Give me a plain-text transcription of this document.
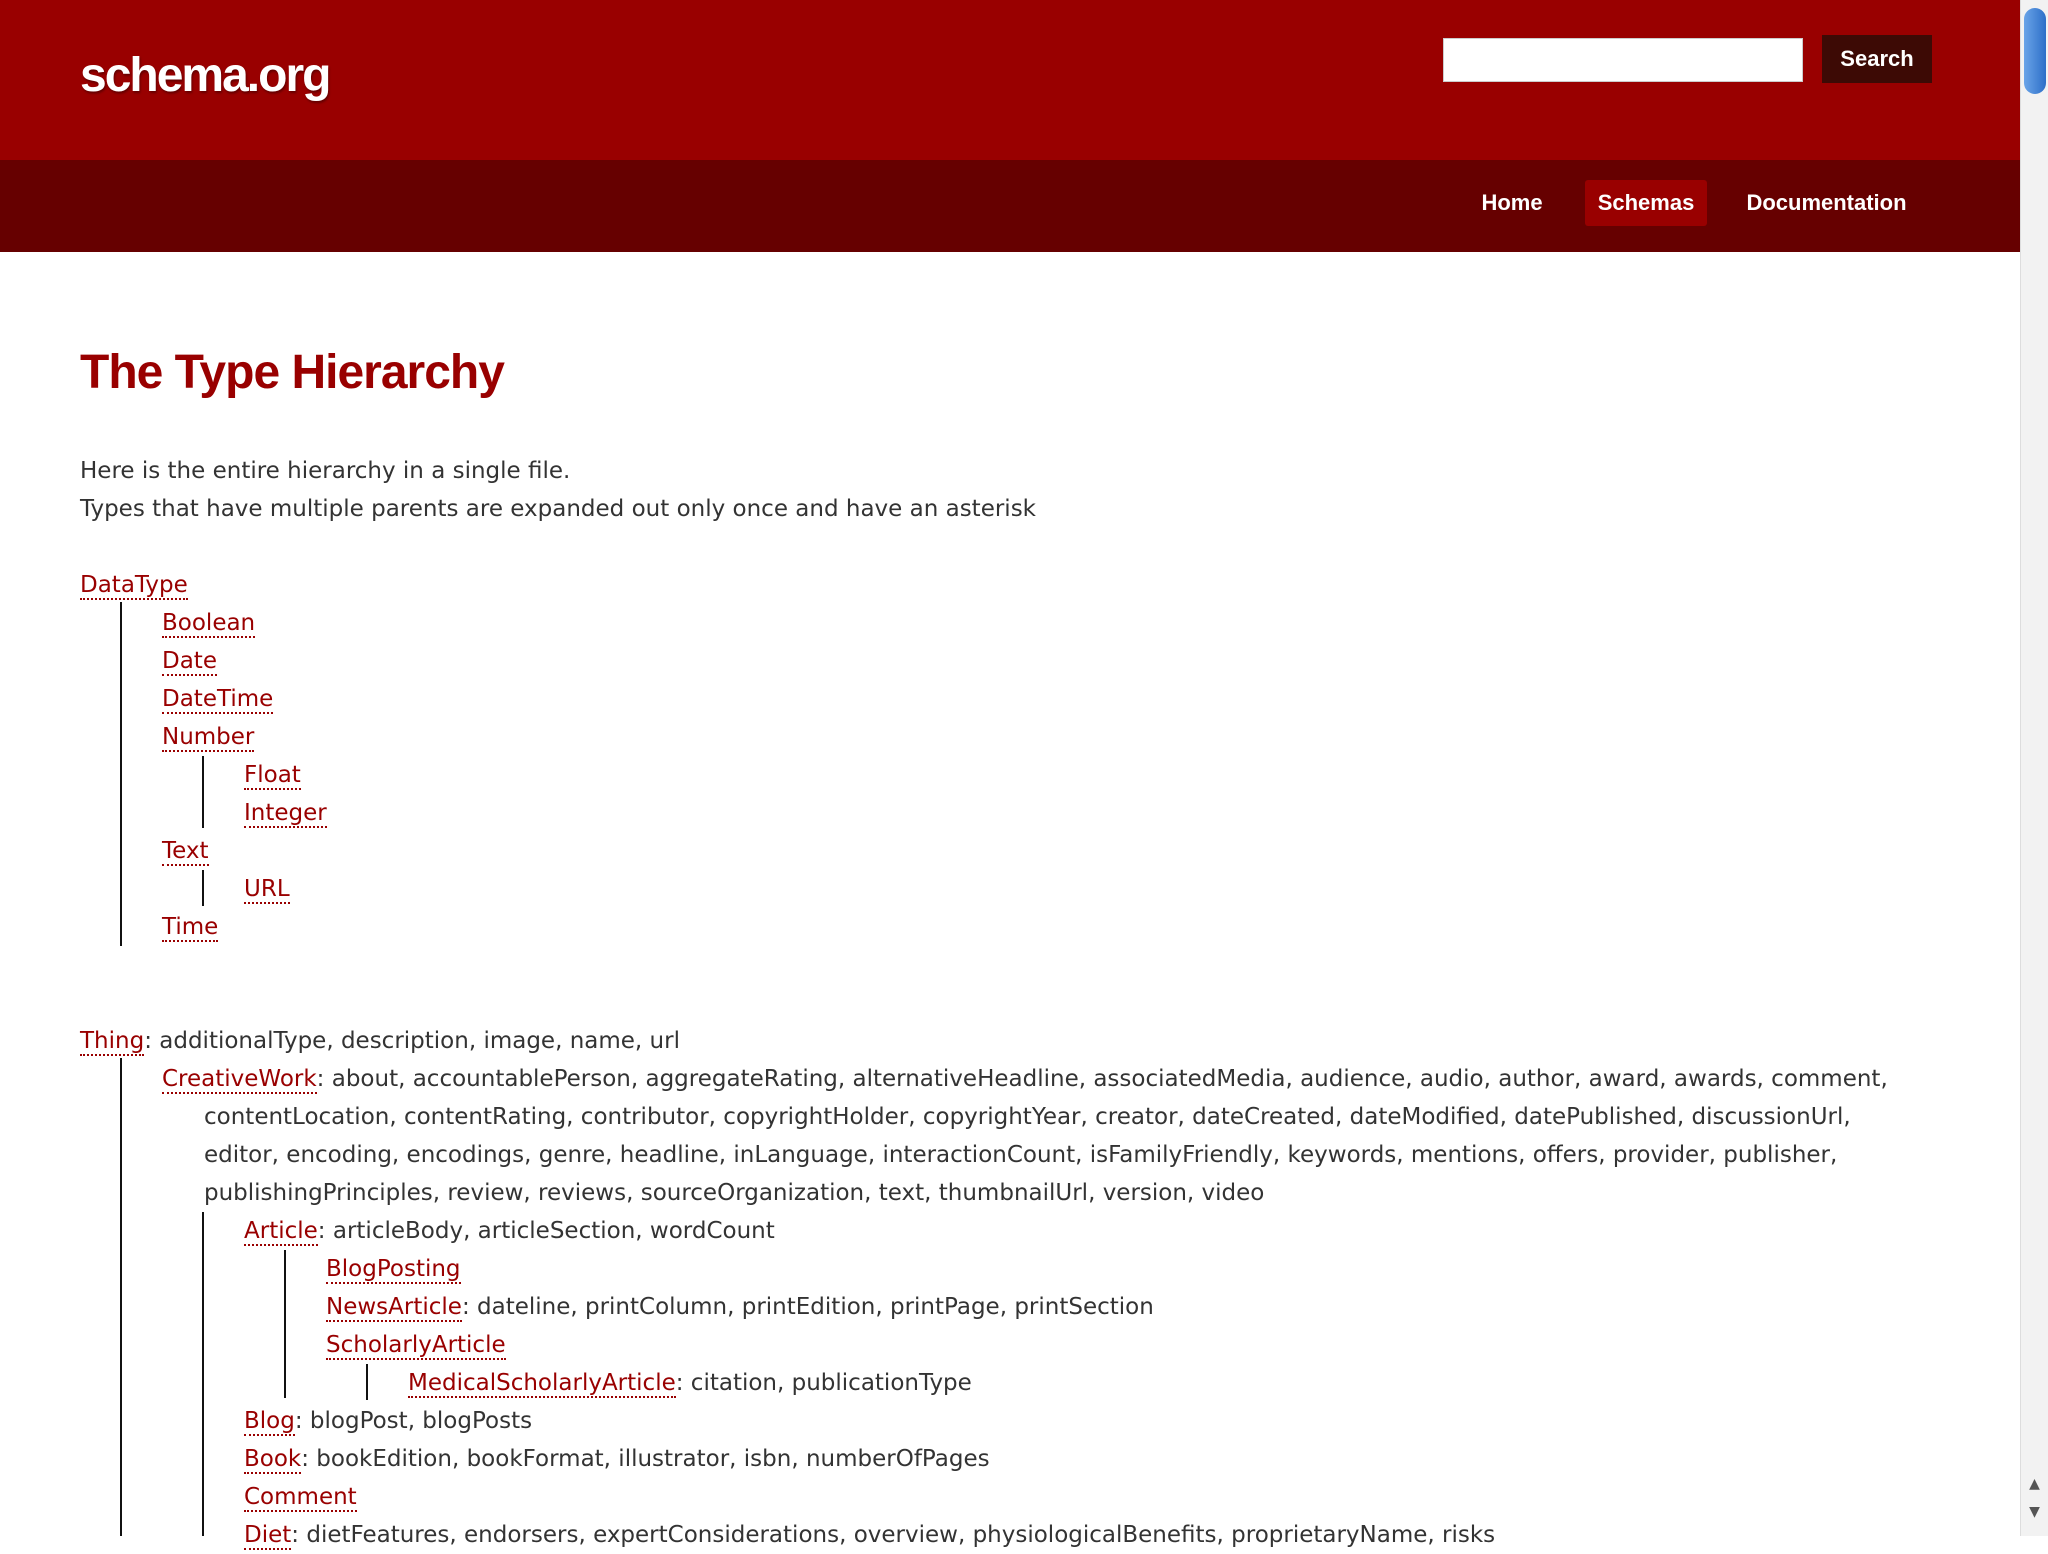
schema.org	Search
Home	Schemas	Documentation
▲
▼
The Type Hierarchy
Here is the entire hierarchy in a single file.
Types that have multiple parents are expanded out only once and have an asterisk
DataType
Boolean
Date
DateTime
Number
Float
Integer
Text
URL
Time
Thing: additionalType, description, image, name, url
CreativeWork: about, accountablePerson, aggregateRating, alternativeHeadline, associatedMedia, audience, audio, author, award, awards, comment,
contentLocation, contentRating, contributor, copyrightHolder, copyrightYear, creator, dateCreated, dateModified, datePublished, discussionUrl,
editor, encoding, encodings, genre, headline, inLanguage, interactionCount, isFamilyFriendly, keywords, mentions, offers, provider, publisher,
publishingPrinciples, review, reviews, sourceOrganization, text, thumbnailUrl, version, video
Article: articleBody, articleSection, wordCount
BlogPosting
NewsArticle: dateline, printColumn, printEdition, printPage, printSection
ScholarlyArticle
MedicalScholarlyArticle: citation, publicationType
Blog: blogPost, blogPosts
Book: bookEdition, bookFormat, illustrator, isbn, numberOfPages
Comment
Diet: dietFeatures, endorsers, expertConsiderations, overview, physiologicalBenefits, proprietaryName, risks
